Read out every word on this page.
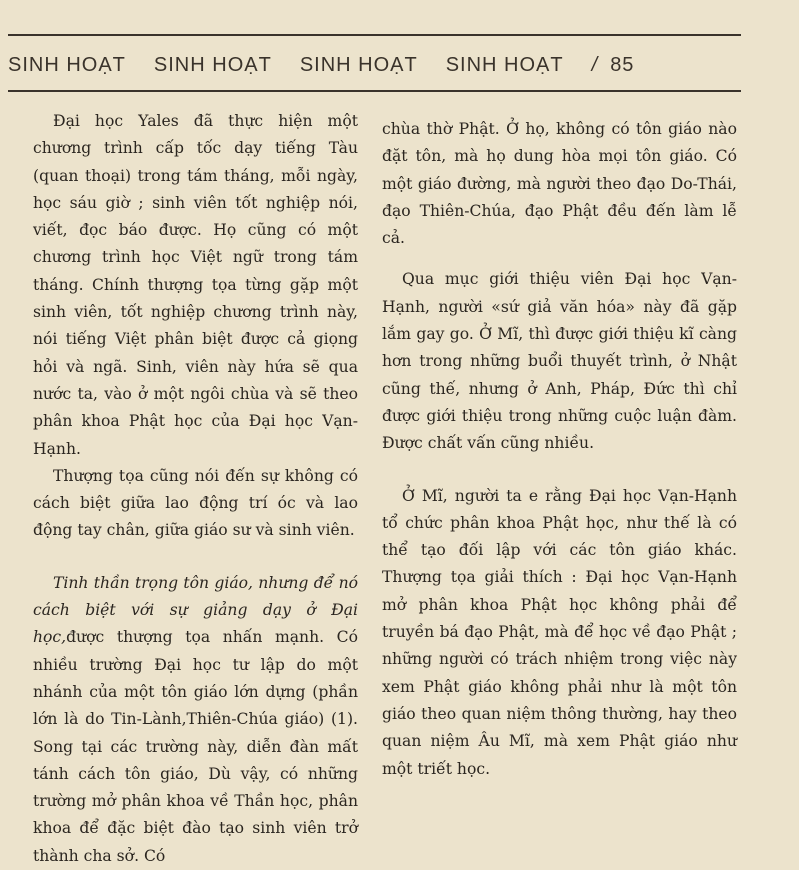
SINH HOẠT SINH HOẠT SINH HOẠT SINH HOẠT / 85

Đại học Yales đã thực hiện một chương trình cấp tốc dạy tiếng Tàu (quan thoại) trong tám tháng, mỗi ngày, học sáu giờ ; sinh viên tốt nghiệp nói, viết, đọc báo được. Họ cũng có một chương trình học Việt ngữ trong tám tháng. Chính thượng tọa từng gặp một sinh viên, tốt nghiệp chương trình này, nói tiếng Việt phân biệt được cả giọng hỏi và ngã. Sinh, viên này hứa sẽ qua nước ta, vào ở một ngôi chùa và sẽ theo phân khoa Phật học của Đại học Vạn-Hạnh.

Thượng tọa cũng nói đến sự không có cách biệt giữa lao động trí óc và lao động tay chân, giữa giáo sư và sinh viên.

Tinh thần trọng tôn giáo, nhưng để nó cách biệt với sự giảng dạy ở Đại học,được thượng tọa nhấn mạnh. Có nhiều trường Đại học tư lập do một nhánh của một tôn giáo lớn dựng (phần lớn là do Tin-Lành,Thiên-Chúa giáo) (1). Song tại các trường này, diễn đàn mất tánh cách tôn giáo, Dù vậy, có những trường mở phân khoa về Thần học, phân khoa để đặc biệt đào tạo sinh viên trở thành cha sở. Có

chùa thờ Phật. Ở họ, không có tôn giáo nào đặt tôn, mà họ dung hòa mọi tôn giáo. Có một giáo đường, mà người theo đạo Do-Thái, đạo Thiên-Chúa, đạo Phật đều đến làm lễ cả.

Qua mục giới thiệu viên Đại học Vạn-Hạnh, người «sứ giả văn hóa» này đã gặp lắm gay go. Ở Mĩ, thì được giới thiệu kĩ càng hơn trong những buổi thuyết trình, ở Nhật cũng thế, nhưng ở Anh, Pháp, Đức thì chỉ được giới thiệu trong những cuộc luận đàm. Được chất vấn cũng nhiều.

Ở Mĩ, người ta e rằng Đại học Vạn-Hạnh tổ chức phân khoa Phật học, như thế là có thể tạo đối lập với các tôn giáo khác. Thượng tọa giải thích : Đại học Vạn-Hạnh mở phân khoa Phật học không phải để truyền bá đạo Phật, mà để học về đạo Phật ; những người có trách nhiệm trong việc này xem Phật giáo không phải như là một tôn giáo theo quan niệm thông thường, hay theo quan niệm Âu Mĩ, mà xem Phật giáo như một triết học.
